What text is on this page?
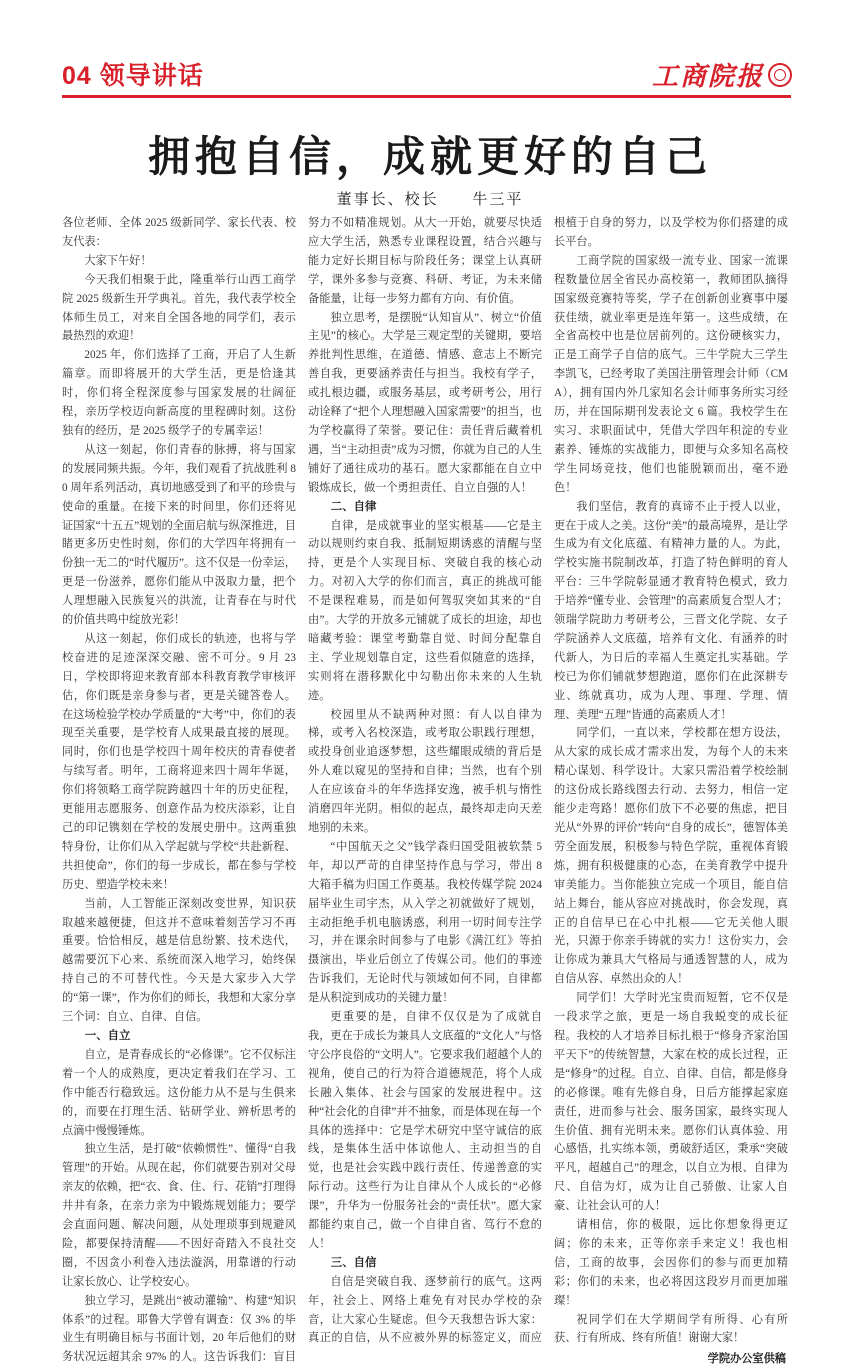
04 领导讲话	工商院报
拥抱自信，成就更好的自己
董事长、校长 牛三平

各位老师、全体 2025 级新同学、家长代表、校友代表：

大家下午好！

今天我们相聚于此，隆重举行山西工商学院 2025 级新生开学典礼。首先，我代表学校全体师生员工，对来自全国各地的同学们，表示最热烈的欢迎！

2025 年，你们选择了工商，开启了人生新篇章。而即将展开的大学生活，更是恰逢其时，你们将全程深度参与国家发展的壮阔征程，亲历学校迈向新高度的里程碑时刻。这份独有的经历，是 2025 级学子的专属幸运！

从这一刻起，你们青春的脉搏，将与国家的发展同频共振。今年，我们观看了抗战胜利 80 周年系列活动，真切地感受到了和平的珍贵与使命的重量。在接下来的时间里，你们还将见证国家“十五五”规划的全面启航与纵深推进，目睹更多历史性时刻，你们的大学四年将拥有一份独一无二的“时代履历”。这不仅是一份幸运，更是一份滋养，愿你们能从中汲取力量，把个人理想融入民族复兴的洪流，让青春在与时代的价值共鸣中绽放光彩！

从这一刻起，你们成长的轨迹，也将与学校奋进的足迹深深交融、密不可分。9 月 23 日，学校即将迎来教育部本科教育教学审核评估，你们既是亲身参与者，更是关键答卷人。在这场检验学校办学质量的“大考”中，你们的表现至关重要，是学校育人成果最直接的展现。同时，你们也是学校四十周年校庆的青春使者与续写者。明年，工商将迎来四十周年华诞，你们将领略工商学院跨越四十年的历史征程，更能用志愿服务、创意作品为校庆添彩，让自己的印记镌刻在学校的发展史册中。这两重独特身份，让你们从入学起就与学校“共赴新程、共担使命”，你们的每一步成长，都在参与学校历史、塑造学校未来！

当前，人工智能正深刻改变世界，知识获取越来越便捷，但这并不意味着刻苦学习不再重要。恰恰相反，越是信息纷繁、技术迭代，越需要沉下心来、系统而深入地学习，始终保持自己的不可替代性。今天是大家步入大学的“第一课”，作为你们的师长，我想和大家分享三个词：自立、自律、自信。

一、自立

自立，是青春成长的“必修课”。它不仅标注着一个人的成熟度，更决定着我们在学习、工作中能否行稳致远。这份能力从不是与生俱来的，而要在打理生活、钻研学业、辨析思考的点滴中慢慢锤炼。

独立生活，是打破“依赖惯性”、懂得“自我管理”的开始。从现在起，你们就要告别对父母亲友的依赖，把“衣、食、住、行、花销”打理得井井有条，在亲力亲为中锻炼规划能力；要学会直面问题、解决问题，从处理琐事到规避风险，都要保持清醒——不因好奇踏入不良社交圈，不因贪小利卷入违法漩涡，用靠谱的行动让家长放心、让学校安心。

独立学习，是跳出“被动灌输”、构建“知识体系”的过程。耶鲁大学曾有调查：仅 3% 的毕业生有明确目标与书面计划，20 年后他们的财务状况远超其余 97% 的人。这告诉我们：盲目努力不如精准规划。从大一开始，就要尽快适应大学生活，熟悉专业课程设置，结合兴趣与能力定好长期目标与阶段任务；课堂上认真研学，课外多参与竞赛、科研、考证，为未来储备能量，让每一步努力都有方向、有价值。

独立思考，是摆脱“认知盲从”、树立“价值主见”的核心。大学是三观定型的关键期，要培养批判性思维，在道德、情感、意志上不断完善自我，更要涵养责任与担当。我校有学子，或扎根边疆，或服务基层，或考研考公，用行动诠释了“把个人理想融入国家需要”的担当，也为学校赢得了荣誉。要记住：责任背后藏着机遇，当“主动担责”成为习惯，你就为自己的人生铺好了通往成功的基石。愿大家都能在自立中锻炼成长，做一个勇担责任、自立自强的人！

二、自律

自律，是成就事业的坚实根基——它是主动以规则约束自我、抵制短期诱惑的清醒与坚持，更是个人实现目标、突破自我的核心动力。对初入大学的你们而言，真正的挑战可能不是课程难易，而是如何驾驭突如其来的“自由”。大学的开放多元铺就了成长的坦途，却也暗藏考验：课堂考勤靠自觉、时间分配靠自主、学业规划靠自定，这些看似随意的选择，实则将在潜移默化中勾勒出你未来的人生轨迹。

校园里从不缺两种对照：有人以自律为梯，或考入名校深造，或考取公职践行理想，或投身创业追逐梦想，这些耀眼成绩的背后是外人难以窥见的坚持和自律；当然，也有个别人在应该奋斗的年华选择安逸，被手机与惰性消磨四年光阴。相似的起点，最终却走向天差地别的未来。

“中国航天之父”钱学森归国受阻被软禁 5 年，却以严苛的自律坚持作息与学习，带出 8 大箱手稿为归国工作奠基。我校传媒学院 2024 届毕业生司宇杰，从入学之初就做好了规划，主动拒绝手机电脑诱惑，利用一切时间专注学习，并在课余时间参与了电影《满江红》等拍摄演出，毕业后创立了传媒公司。他们的事迹告诉我们，无论时代与领域如何不同，自律都是从积淀到成功的关键力量！

更重要的是，自律不仅仅是为了成就自我，更在于成长为兼具人文底蕴的“文化人”与恪守公序良俗的“文明人”。它要求我们超越个人的视角，使自己的行为符合道德规范，将个人成长融入集体、社会与国家的发展进程中。这种“社会化的自律”并不抽象，而是体现在每一个具体的选择中：它是学术研究中坚守诚信的底线，是集体生活中体谅他人、主动担当的自觉，也是社会实践中践行责任、传递善意的实际行动。这些行为让自律从个人成长的“必修课”，升华为一份服务社会的“责任状”。愿大家都能约束自己，做一个自律自省、笃行不怠的人！

三、自信

自信是突破自我、逐梦前行的底气。这两年，社会上、网络上难免有对民办学校的杂音，让大家心生疑虑。但今天我想告诉大家：真正的自信，从不应被外界的标签定义，而应根植于自身的努力，以及学校为你们搭建的成长平台。

工商学院的国家级一流专业、国家一流课程数量位居全省民办高校第一，教师团队摘得国家级竞赛特等奖，学子在创新创业赛事中屡获佳绩，就业率更是连年第一。这些成绩，在全省高校中也是位居前列的。这份硬核实力，正是工商学子自信的底气。三牛学院大三学生李凯飞，已经考取了美国注册管理会计师（CMA），拥有国内外几家知名会计师事务所实习经历，并在国际期刊发表论文 6 篇。我校学生在实习、求职面试中，凭借大学四年积淀的专业素养、锤炼的实战能力，即便与众多知名高校学生同场竞技，他们也能脱颖而出，毫不逊色！

我们坚信，教育的真谛不止于授人以业，更在于成人之美。这份“美”的最高境界，是让学生成为有文化底蕴、有精神力量的人。为此，学校实施书院制改革，打造了特色鲜明的育人平台：三牛学院彰显通才教育特色模式，致力于培养“懂专业、会管理”的高素质复合型人才；领瑞学院助力考研考公，三晋文化学院、女子学院涵养人文底蕴，培养有文化、有涵养的时代新人，为日后的幸福人生奠定扎实基础。学校已为你们铺就梦想跑道，愿你们在此深耕专业、练就真功，成为人理、事理、学理、情理、美理“五理”皆通的高素质人才！

同学们，一直以来，学校都在想方设法，从大家的成长成才需求出发，为每个人的未来精心谋划、科学设计。大家只需沿着学校绘制的这份成长路线图去行动、去努力，相信一定能少走弯路！愿你们放下不必要的焦虑，把目光从“外界的评价”转向“自身的成长”，德智体美劳全面发展，积极参与特色学院，重视体育锻炼，拥有积极健康的心态，在美育教学中提升审美能力。当你能独立完成一个项目，能自信站上舞台，能从容应对挑战时，你会发现，真正的自信早已在心中扎根——它无关他人眼光，只源于你亲手铸就的实力！这份实力，会让你成为兼具大气格局与通透智慧的人，成为自信从容、卓然出众的人！

同学们！大学时光宝贵而短暂，它不仅是一段求学之旅，更是一场自我蜕变的成长征程。我校的人才培养目标扎根于“修身齐家治国平天下”的传统智慧，大家在校的成长过程，正是“修身”的过程。自立、自律、自信，都是修身的必修课。唯有先修自身，日后方能撑起家庭责任，进而参与社会、服务国家，最终实现人生价值、拥有光明未来。愿你们认真体验、用心感悟，扎实练本领，勇破舒适区，秉承“突破平凡，超越自己”的理念，以自立为根、自律为尺、自信为灯，成为让自己骄傲、让家人自豪、让社会认可的人！

请相信，你的极限，远比你想象得更辽阔；你的未来，正等你亲手来定义！我也相信，工商的故事，会因你们的参与而更加精彩；你们的未来，也必将因这段岁月而更加璀璨！

祝同学们在大学期间学有所得、心有所获、行有所成、终有所值！谢谢大家！

学院办公室供稿
